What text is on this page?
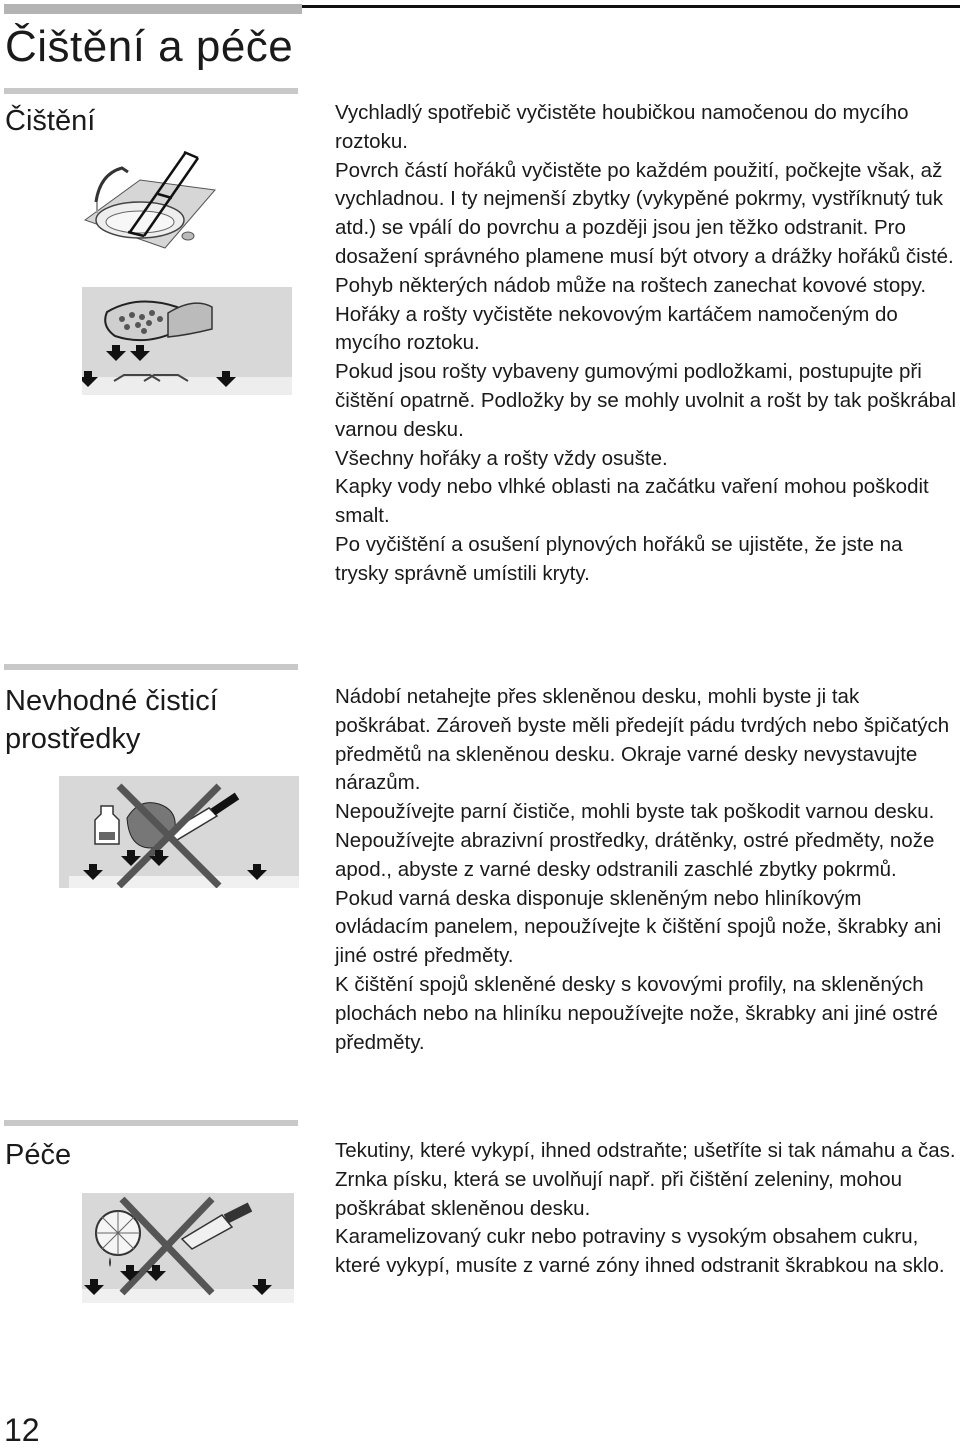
Čištění a péče
Čištění	Vychladlý spotřebič vyčistěte houbičkou namočenou do mycího roztoku.

Povrch částí hořáků vyčistěte po každém použití, počkejte však, až vychladnou. I ty nejmenší zbytky (vykypěné pokrmy, vystříknutý tuk atd.) se vpálí do povrchu a později jsou jen těžko odstranit. Pro dosažení správného plamene musí být otvory a drážky hořáků čisté.

Pohyb některých nádob může na roštech zanechat kovové stopy.

Hořáky a rošty vyčistěte nekovovým kartáčem namočeným do mycího roztoku.

Pokud jsou rošty vybaveny gumovými podložkami, postupujte při čištění opatrně. Podložky by se mohly uvolnit a rošt by tak poškrábal varnou desku.

Všechny hořáky a rošty vždy osušte.

Kapky vody nebo vlhké oblasti na začátku vaření mohou poškodit smalt.

Po vyčištění a osušení plynových hořáků se ujistěte, že jste na trysky správně umístili kryty.

Nevhodné čisticí
prostředky

Nádobí netahejte přes skleněnou desku, mohli byste ji tak poškrábat. Zároveň byste měli předejít pádu tvrdých nebo špičatých předmětů na skleněnou desku. Okraje varné desky nevystavujte nárazům.

Nepoužívejte parní čističe, mohli byste tak poškodit varnou desku.

Nepoužívejte abrazivní prostředky, drátěnky, ostré předměty, nože apod., abyste z varné desky odstranili zaschlé zbytky pokrmů.

Pokud varná deska disponuje skleněným nebo hliníkovým ovládacím panelem, nepoužívejte k čištění spojů nože, škrabky ani jiné ostré předměty.

K čištění spojů skleněné desky s kovovými profily, na skleněných plochách nebo na hliníku nepoužívejte nože, škrabky ani jiné ostré předměty.

Péče	Tekutiny, které vykypí, ihned odstraňte; ušetříte si tak námahu a čas.

Zrnka písku, která se uvolňují např. při čištění zeleniny, mohou poškrábat skleněnou desku.

Karamelizovaný cukr nebo potraviny s vysokým obsahem cukru, které vykypí, musíte z varné zóny ihned odstranit škrabkou na sklo.

12
